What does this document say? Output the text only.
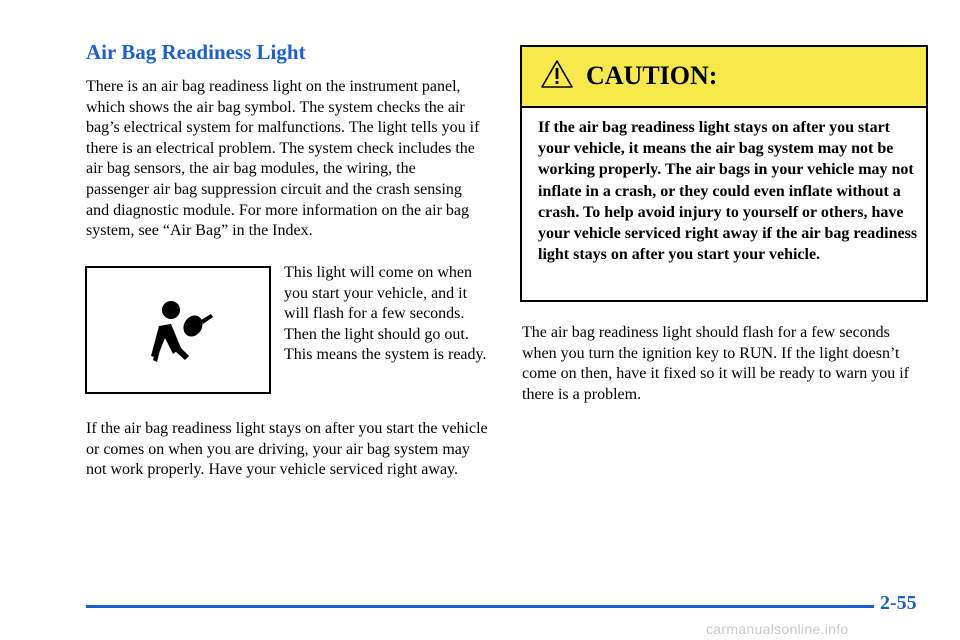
Air Bag Readiness Light

There is an air bag readiness light on the instrument panel, which shows the air bag symbol. The system checks the air bag’s electrical system for malfunctions. The light tells you if there is an electrical problem. The system check includes the air bag sensors, the air bag modules, the wiring, the passenger air bag suppression circuit and the crash sensing and diagnostic module. For more information on the air bag system, see “Air Bag” in the Index.

This light will come on when you start your vehicle, and it will flash for a few seconds. Then the light should go out. This means the system is ready.

If the air bag readiness light stays on after you start the vehicle or comes on when you are driving, your air bag system may not work properly. Have your vehicle serviced right away.

CAUTION:

If the air bag readiness light stays on after you start your vehicle, it means the air bag system may not be working properly. The air bags in your vehicle may not inflate in a crash, or they could even inflate without a crash. To help avoid injury to yourself or others, have your vehicle serviced right away if the air bag readiness light stays on after you start your vehicle.

The air bag readiness light should flash for a few seconds when you turn the ignition key to RUN. If the light doesn’t come on then, have it fixed so it will be ready to warn you if there is a problem.

2-55
carmanualsonline.info
